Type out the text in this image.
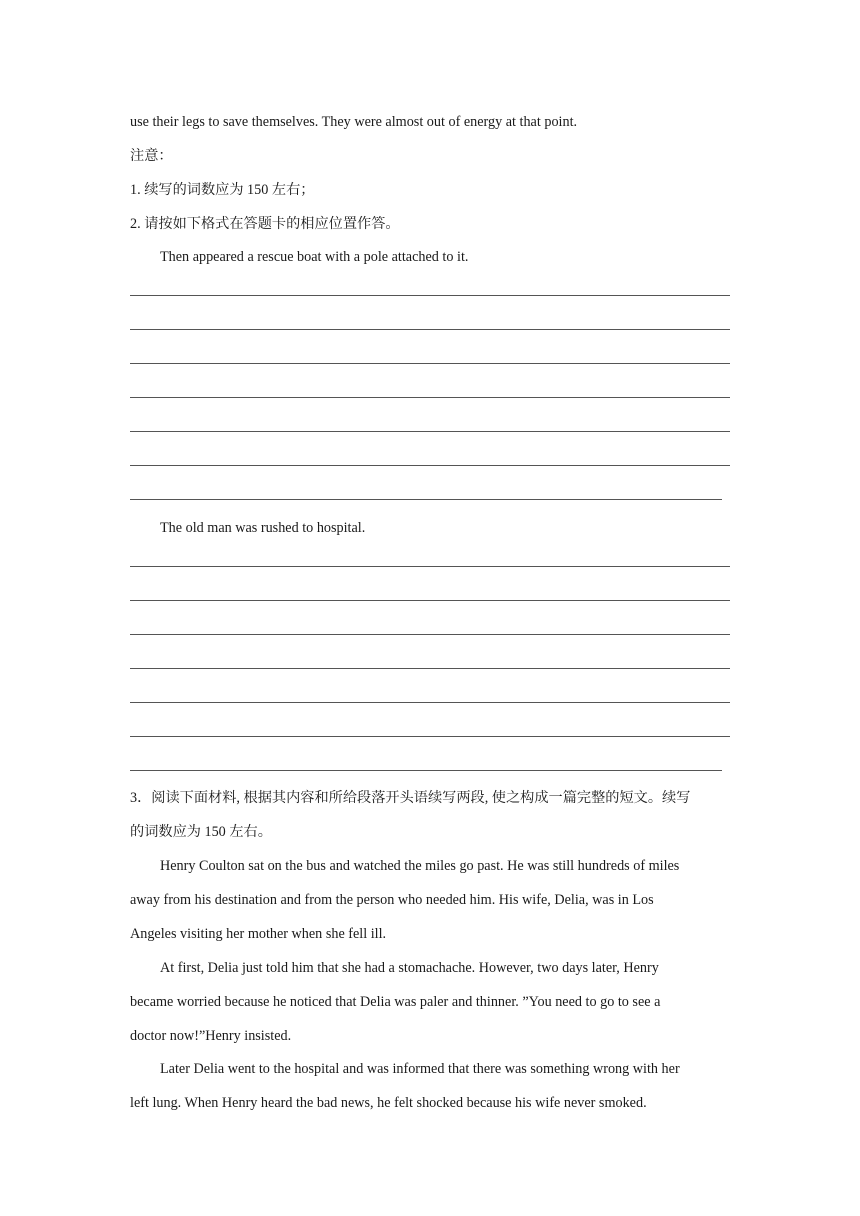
use their legs to save themselves. They were almost out of energy at that point.

注意：

1. 续写的词数应为 150 左右；

2. 请按如下格式在答题卡的相应位置作答。

Then appeared a rescue boat with a pole attached to it.

The old man was rushed to hospital.

3．阅读下面材料, 根据其内容和所给段落开头语续写两段, 使之构成一篇完整的短文。续写

的词数应为 150 左右。

Henry Coulton sat on the bus and watched the miles go past. He was still hundreds of miles

away from his destination and from the person who needed him. His wife, Delia, was in Los

Angeles visiting her mother when she fell ill.

At first, Delia just told him that she had a stomachache. However, two days later, Henry

became worried because he noticed that Delia was paler and thinner. ”You need to go to see a

doctor now!”Henry insisted.

Later Delia went to the hospital and was informed that there was something wrong with her

left lung. When Henry heard the bad news, he felt shocked because his wife never smoked.
